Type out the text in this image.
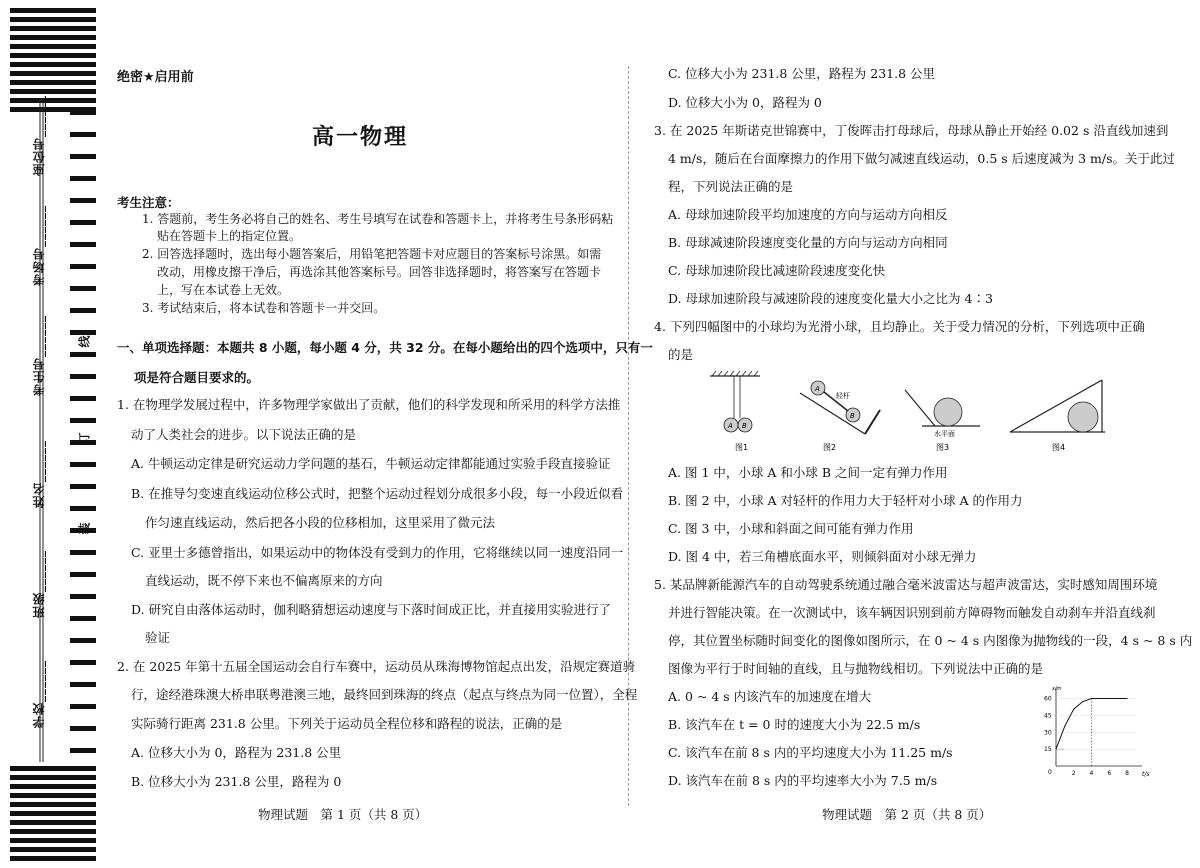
学校______
班级______
姓名______
考生号______
考场号______
座位号______
线
订
装
绝密★启用前
高一物理
考生注意：
1. 答题前，考生务必将自己的姓名、考生号填写在试卷和答题卡上，并将考生号条形码粘
贴在答题卡上的指定位置。
2. 回答选择题时，选出每小题答案后，用铅笔把答题卡对应题目的答案标号涂黑。如需
改动，用橡皮擦干净后，再选涂其他答案标号。回答非选择题时，将答案写在答题卡
上，写在本试卷上无效。
3. 考试结束后，将本试卷和答题卡一并交回。
一、单项选择题：本题共 8 小题，每小题 4 分，共 32 分。在每小题给出的四个选项中，只有一
项是符合题目要求的。
1. 在物理学发展过程中，许多物理学家做出了贡献，他们的科学发现和所采用的科学方法推
动了人类社会的进步。以下说法正确的是
A. 牛顿运动定律是研究运动力学问题的基石，牛顿运动定律都能通过实验手段直接验证
B. 在推导匀变速直线运动位移公式时，把整个运动过程划分成很多小段，每一小段近似看
作匀速直线运动，然后把各小段的位移相加，这里采用了微元法
C. 亚里士多德曾指出，如果运动中的物体没有受到力的作用，它将继续以同一速度沿同一
直线运动，既不停下来也不偏离原来的方向
D. 研究自由落体运动时，伽利略猜想运动速度与下落时间成正比，并直接用实验进行了
验证
2. 在 2025 年第十五届全国运动会自行车赛中，运动员从珠海博物馆起点出发，沿规定赛道骑
行，途经港珠澳大桥串联粤港澳三地，最终回到珠海的终点（起点与终点为同一位置），全程
实际骑行距离 231.8 公里。下列关于运动员全程位移和路程的说法，正确的是
A. 位移大小为 0，路程为 231.8 公里
B. 位移大小为 231.8 公里，路程为 0
物理试题　第 1 页（共 8 页）
C. 位移大小为 231.8 公里，路程为 231.8 公里
D. 位移大小为 0，路程为 0
3. 在 2025 年斯诺克世锦赛中，丁俊晖击打母球后，母球从静止开始经 0.02 s 沿直线加速到
4 m/s，随后在台面摩擦力的作用下做匀减速直线运动，0.5 s 后速度减为 3 m/s。关于此过
程，下列说法正确的是
A. 母球加速阶段平均加速度的方向与运动方向相反
B. 母球减速阶段速度变化量的方向与运动方向相同
C. 母球加速阶段比减速阶段速度变化快
D. 母球加速阶段与减速阶段的速度变化量大小之比为 4∶3
4. 下列四幅图中的小球均为光滑小球，且均静止。关于受力情况的分析，下列选项中正确
的是
A B
图1
A
B
轻杆
图2
水平面
图3	图4
A. 图 1 中，小球 A 和小球 B 之间一定有弹力作用
B. 图 2 中，小球 A 对轻杆的作用力大于轻杆对小球 A 的作用力
C. 图 3 中，小球和斜面之间可能有弹力作用
D. 图 4 中，若三角槽底面水平，则倾斜面对小球无弹力
5. 某品牌新能源汽车的自动驾驶系统通过融合毫米波雷达与超声波雷达，实时感知周围环境
并进行智能决策。在一次测试中，该车辆因识别到前方障碍物而触发自动刹车并沿直线刹
停，其位置坐标随时间变化的图像如图所示，在 0 ~ 4 s 内图像为抛物线的一段，4 s ~ 8 s 内
图像为平行于时间轴的直线，且与抛物线相切。下列说法中正确的是
A. 0 ~ 4 s 内该汽车的加速度在增大
B. 该汽车在 t = 0 时的速度大小为 22.5 m/s
C. 该汽车在前 8 s 内的平均速度大小为 11.25 m/s
D. 该汽车在前 8 s 内的平均速率大小为 7.5 m/s	t/s
x/m
0	2 4 6 8
15
30
45
60
物理试题　第 2 页（共 8 页）
